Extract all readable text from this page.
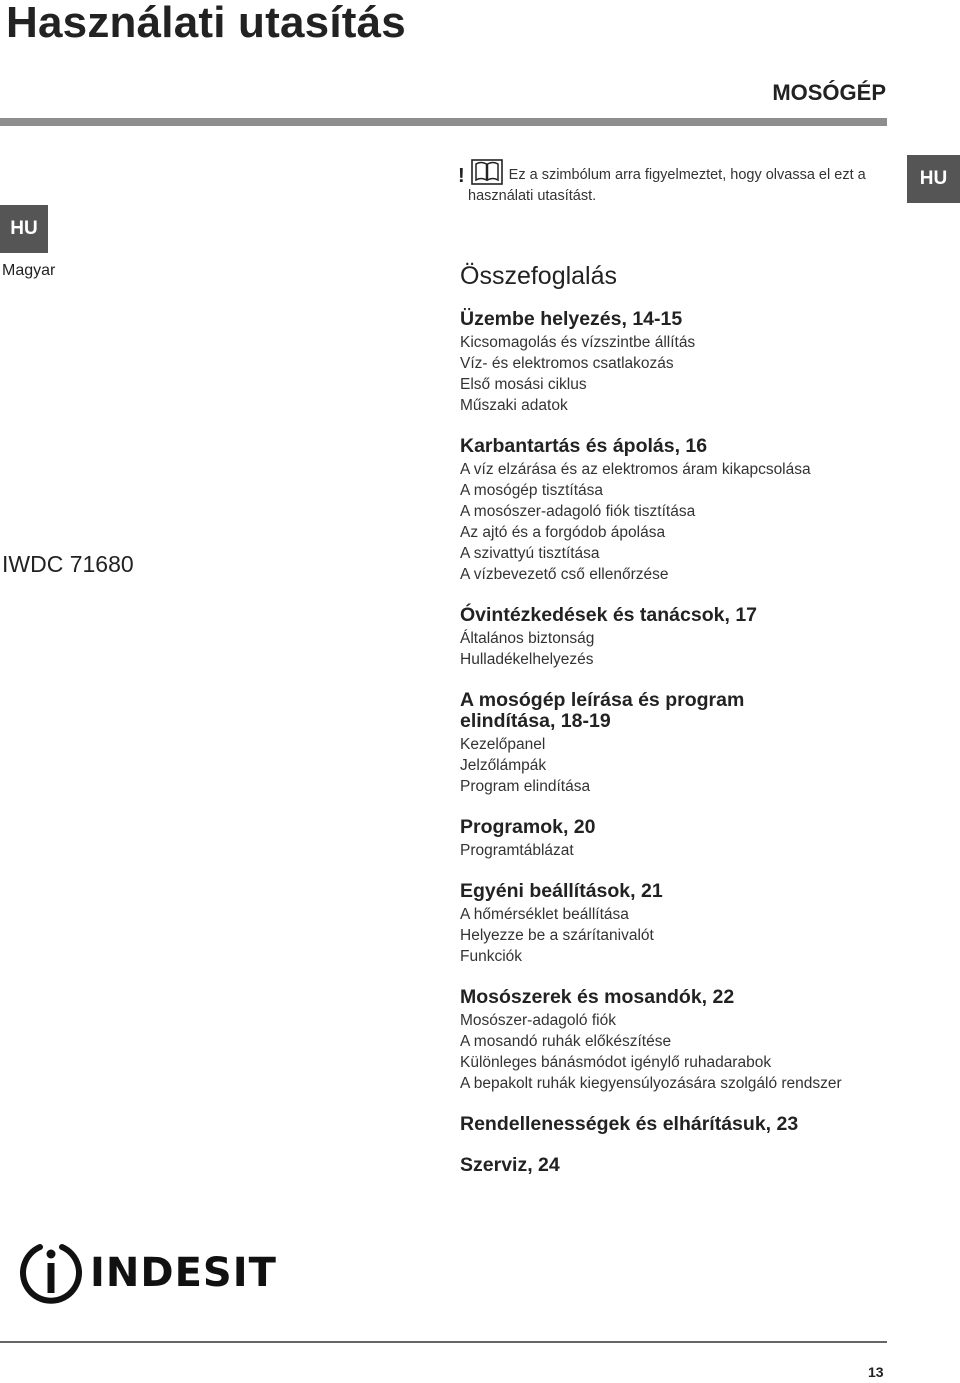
Használati utasítás
MOSÓGÉP
HU
HU
Magyar
IWDC 71680
!	Ez a szimbólum arra figyelmeztet, hogy olvassa el ezt a
használati utasítást.
Összefoglalás
Üzembe helyezés, 14-15
Kicsomagolás és vízszintbe állítás
Víz- és elektromos csatlakozás
Első mosási ciklus
Műszaki adatok
Karbantartás és ápolás, 16
A víz elzárása és az elektromos áram kikapcsolása
A mosógép tisztítása
A mosószer-adagoló fiók tisztítása
Az ajtó és a forgódob ápolása
A szivattyú tisztítása
A vízbevezető cső ellenőrzése
Óvintézkedések és tanácsok, 17
Általános biztonság
Hulladékelhelyezés
A mosógép leírása és program elindítása, 18-19
Kezelőpanel
Jelzőlámpák
Program elindítása
Programok, 20
Programtáblázat
Egyéni beállítások, 21
A hőmérséklet beállítása
Helyezze be a szárítanivalót
Funkciók
Mosószerek és mosandók, 22
Mosószer-adagoló fiók
A mosandó ruhák előkészítése
Különleges bánásmódot igénylő ruhadarabok
A bepakolt ruhák kiegyensúlyozására szolgáló rendszer
Rendellenességek és elhárításuk, 23
Szerviz, 24
INDESIT
13
